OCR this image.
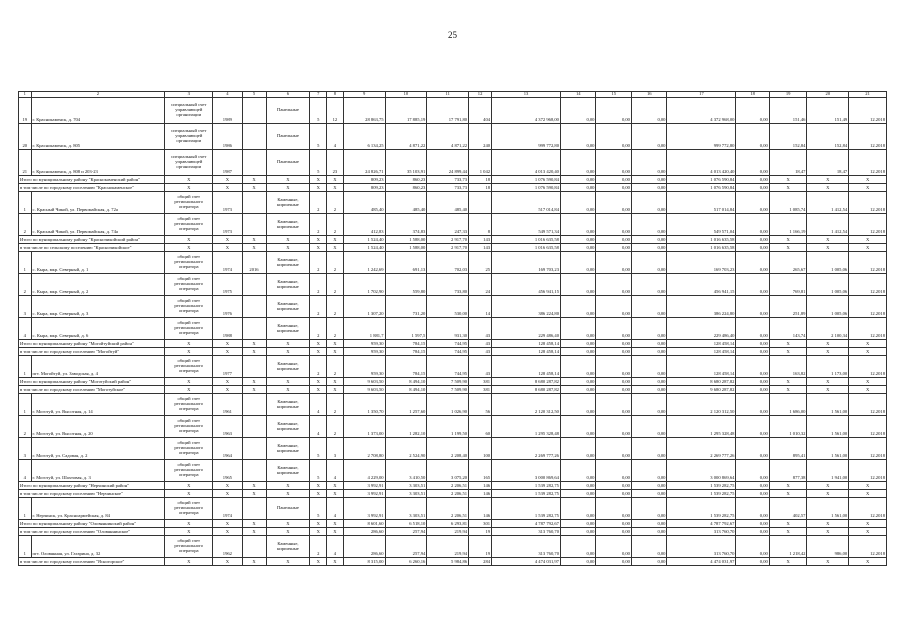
25
1	2	3	4	5	6	7	8	9	10	11	12	13	14	15	16	17	18	19	20	21
19	г. Краснокаменск, д. 704	специальный счет управляющей организации	1989		Панельные	5	12	28 863,75	17 885,19	17 791,80	404	4 372 968,00	0,00	0,00	0,00	4 372 968,00	0,00	151,46	151,49	12.2018
20	г. Краснокаменск, д. 805	специальный счет управляющей организации	1986		Панельные	5	4	6 134,25	4 871,22	4 871,22	240	999 772,80	0,00	0,00	0,00	999 772,80	0,00	152,84	152,84	12.2018
21	г. Краснокаменск, д. 808 и 203-23	специальный счет управляющей организации	1987		Панельные	5	23	24 826,71	35 103,91	24 899,44	1 042	4 013 420,40	0,00	0,00	0,00	4 013 420,40	0,00	18,47	18,47	12.2018
Итого по муниципальному району "Краснокаменский район"		X	X	X	X	X	X	809,23	860,23	733,73	18	1 076 590,84	0,00	0,00	0,00	1 076 590,84	0,00	X	X	X
в том числе по городскому поселению "Краснокаменское"		X	X	X	X	X	X	809,23	860,23	733,73	18	1 076 590,84	0,00	0,00	0,00	1 076 590,84	0,00	X	X	X
1	с. Красный Чикой, ул. Первомайская, д. 72а	общий счет регионального оператора	1973		Каменные, кирпичные	2	2	485,40	485,40	485,40		517 014,84	0,00	0,00	0,00	517 014,84	0,00	1 085,74	1 412,54	12.2018
2	с. Красный Чикой, ул. Первомайская, д. 74а	общий счет регионального оператора	1973		Каменные, кирпичные	2	2	412,83	374,83	247,33	8	549 571,34	0,00	0,00	0,00	549 571,04	0,00	1 166,19	1 412,54	12.2018
Итого по муниципальному району "Красночикойский район"		X	X	X	X	X	X	1 524,40	1 588,00	2 917,70	143	1 016 635,58	0,00	0,00	0,00	1 016 635,58	0,00	X	X	X
в том числе по сельскому поселению "Красночикойское"		X	X	X	X	X	X	1 524,40	1 588,00	2 917,70	143	1 016 635,58	0,00	0,00	0,00	1 016 635,58	0,00	X	X	X
1	с. Кыра, мкр. Северный, д. 1	общий счет регионального оператора	1974	2016	Каменные, кирпичные	2	2	1 242,69	691,13	702,03	25	169 703,23	0,00	0,00	0,00	169 703,23	0,00	265,67	1 005,06	12.2018
2	с. Кыра, мкр. Северный, д. 2	общий счет регионального оператора	1975		Каменные, кирпичные	2	2	1 702,90	559,80	733,80	24	456 941,15	0,00	0,00	0,00	456 941,15	0,00	769,81	1 005,06	12.2018
3	с. Кыра, мкр. Северный, д. 3	общий счет регионального оператора	1976		Каменные, кирпичные	2	2	1 307,20	731,20	530,00	14	386 224,80	0,00	0,00	0,00	386 224,80	0,00	251,89	1 005,06	12.2018
4	с. Кыра, мкр. Северный, д. 6	общий счет регионального оператора	1988		Каменные, кирпичные	2	2	1 881,7	1 597,5	931,30	43	229 486,40	0,00	0,00	0,00	229 486,40	0,00	143,74	2 100,34	12.2018
Итого по муниципальному району "Могойтуйский район"		X	X	X	X	X	X	959,30	784,15	744,95	43	128 458,14	0,00	0,00	0,00	128 458,14	0,00	X	X	X
в том числе по городскому поселению "Могойтуй"		X	X	X	X	X	X	959,30	784,15	744,95	43	128 458,14	0,00	0,00	0,00	128 458,14	0,00	X	X	X
1	пгт. Могойтуй, ул. Заводская, д. 4	общий счет регионального оператора	1977		Каменные, кирпичные	2	2	959,30	784,15	744,95	43	128 458,14	0,00	0,00	0,00	128 458,14	0,00	163,82	1 173,00	12.2018
Итого по муниципальному району "Моготуйский район"		X	X	X	X	X	X	9 603,50	8 494,10	7 509,90	381	8 680 287,82	0,00	0,00	0,00	8 680 287,82	0,00	X	X	X
в том числе по городскому поселению "Моготуйское"		X	X	X	X	X	X	9 603,50	8 494,10	7 509,90	381	8 680 287,82	0,00	0,00	0,00	9 680 287,82	0,00	X	X	X
1	г. Моготуй, ул. Высотная, д. 14	общий счет регионального оператора	1961		Каменные, кирпичные	4	2	1 350,70	1 257,60	1 026,90	56	2 120 312,50	0,00	0,00	0,00	2 120 312,50	0,00	1 686,00	1 561,00	12.2018
2	г. Моготуй, ул. Высотная, д. 20	общий счет регионального оператора	1963		Каменные, кирпичные	4	2	1 373,00	1 282,10	1 199,50	60	1 295 328,48	0,00	0,00	0,00	1 295 328,48	0,00	1 010,32	1 561,00	12.2018
3	г. Моготуй, ул. Садовая, д. 2	общий счет регионального оператора	1964		Каменные, кирпичные	5	3	2 708,80	2 524,90	2 208,40	100	2 269 777,26	0,00	0,00	0,00	2 269 777,26	0,00	895,41	1 561,00	12.2018
4	г. Моготуй, ул. Шахтовая, д. 3	общий счет регионального оператора	1965		Каменные, кирпичные	5	4	4 229,00	3 410,50	3 075,20	165	3 000 869,64	0,00	0,00	0,00	3 000 869,64	0,00	877,38	1 941,00	12.2018
Итого по муниципальному району "Нерчинский район"		X	X	X	X	X	X	3 992,91	3 303,51	2 206,51	146	1 539 282,75	0,00	0,00	0,00	1 539 282,75	0,00	X	X	X
в том числе по городскому поселению "Нерчинское"		X	X	X	X	X	X	3 992,91	3 303,51	2 206,51	146	1 539 282,75	0,00	0,00	0,00	1 539 282,75	0,00	X	X	X
1	г. Нерчинск, ул. Красноармейская, д. 84	общий счет регионального оператора	1974		Панельные	5	4	3 992,91	3 303,51	2 206,51	146	1 539 282,75	0,00	0,00	0,00	1 539 282,75	0,00	402,57	1 561,00	12.2018
Итого по муниципальному району "Оловяннинский район"		X	X	X	X	X	X	8 601,60	6 518,10	6 293,81	301	4 787 792,67	0,00	0,00	0,00	4 787 792,67	0,00	X	X	X
в том числе по городскому поселению "Оловяннинское"		X	X	X	X	X	X	286,60	257,94	219,94	19	313 760,70	0,00	0,00	0,00	313 760,70	0,00	X	X	X
1	пгт. Оловянная, ул. Гагарина, д. 32	общий счет регионального оператора	1962		Каменные, кирпичные	2	4	286,60	257,94	219,94	19	313 760,70	0,00	0,00	0,00	313 760,70	0,00	1 218,42	986,00	12.2018
в том числе по городскому поселению "Ясногорское"		X	X	X	X	X	X	8 315,00	6 260,16	5 984,86	284	4 474 031,97	0,00	0,00	0,00	4 474 031,97	0,00	X	X	X
